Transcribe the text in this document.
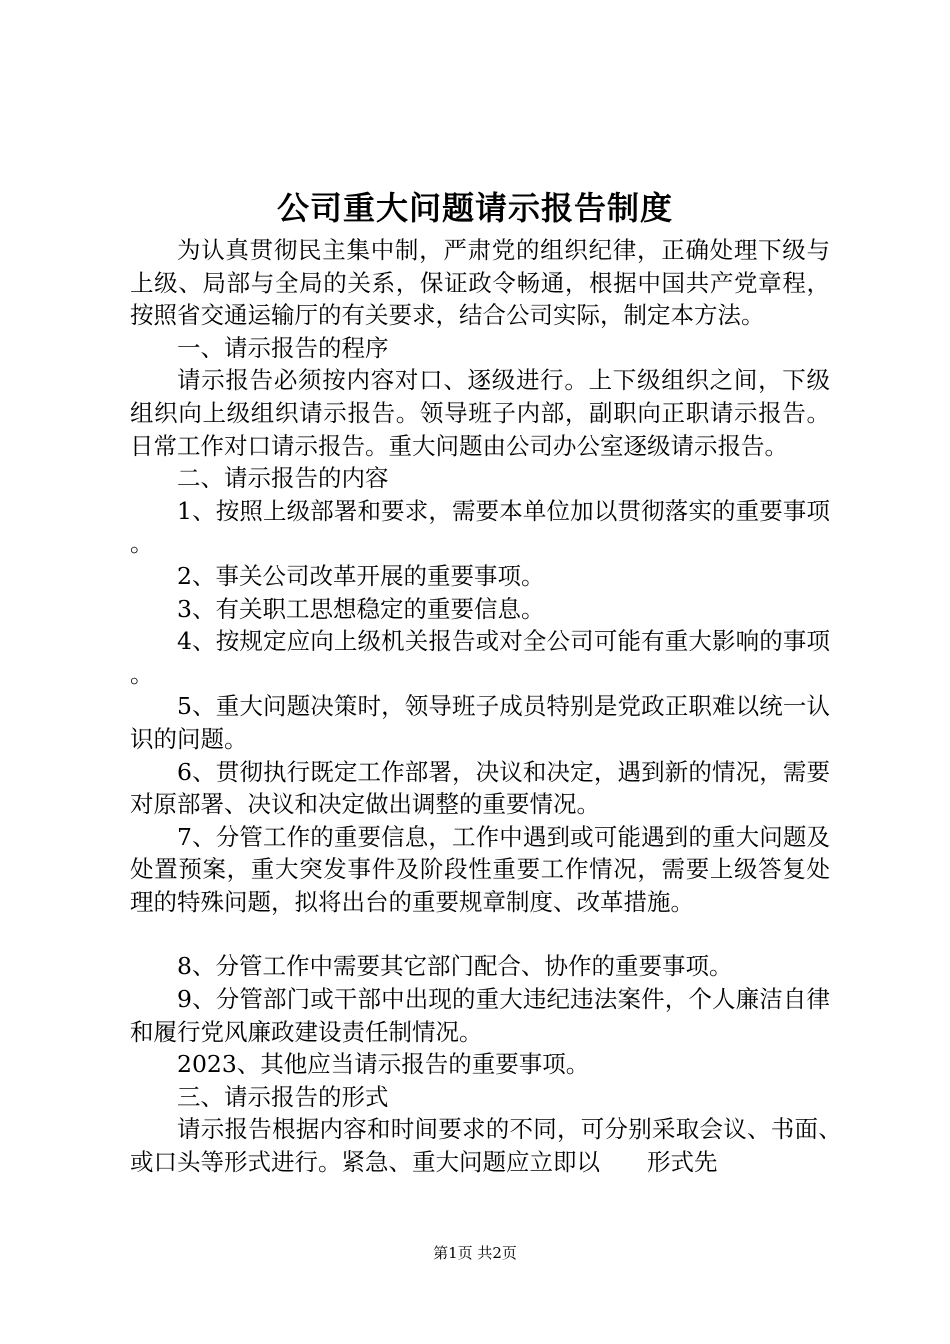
公司重大问题请示报告制度

为认真贯彻民主集中制，严肃党的组织纪律，正确处理下级与上级、局部与全局的关系，保证政令畅通，根据中国共产党章程，按照省交通运输厅的有关要求，结合公司实际，制定本方法。

一、请示报告的程序

请示报告必须按内容对口、逐级进行。上下级组织之间，下级组织向上级组织请示报告。领导班子内部，副职向正职请示报告。日常工作对口请示报告。重大问题由公司办公室逐级请示报告。

二、请示报告的内容

1、按照上级部署和要求，需要本单位加以贯彻落实的重要事项。

2、事关公司改革开展的重要事项。

3、有关职工思想稳定的重要信息。

4、按规定应向上级机关报告或对全公司可能有重大影响的事项。

5、重大问题决策时，领导班子成员特别是党政正职难以统一认识的问题。

6、贯彻执行既定工作部署，决议和决定，遇到新的情况，需要对原部署、决议和决定做出调整的重要情况。

7、分管工作的重要信息，工作中遇到或可能遇到的重大问题及处置预案，重大突发事件及阶段性重要工作情况，需要上级答复处理的特殊问题，拟将出台的重要规章制度、改革措施。

8、分管工作中需要其它部门配合、协作的重要事项。

9、分管部门或干部中出现的重大违纪违法案件，个人廉洁自律和履行党风廉政建设责任制情况。

2023、其他应当请示报告的重要事项。

三、请示报告的形式

请示报告根据内容和时间要求的不同，可分别采取会议、书面、　　或口头等形式进行。紧急、重大问题应立即以　　形式先

第1页 共2页
